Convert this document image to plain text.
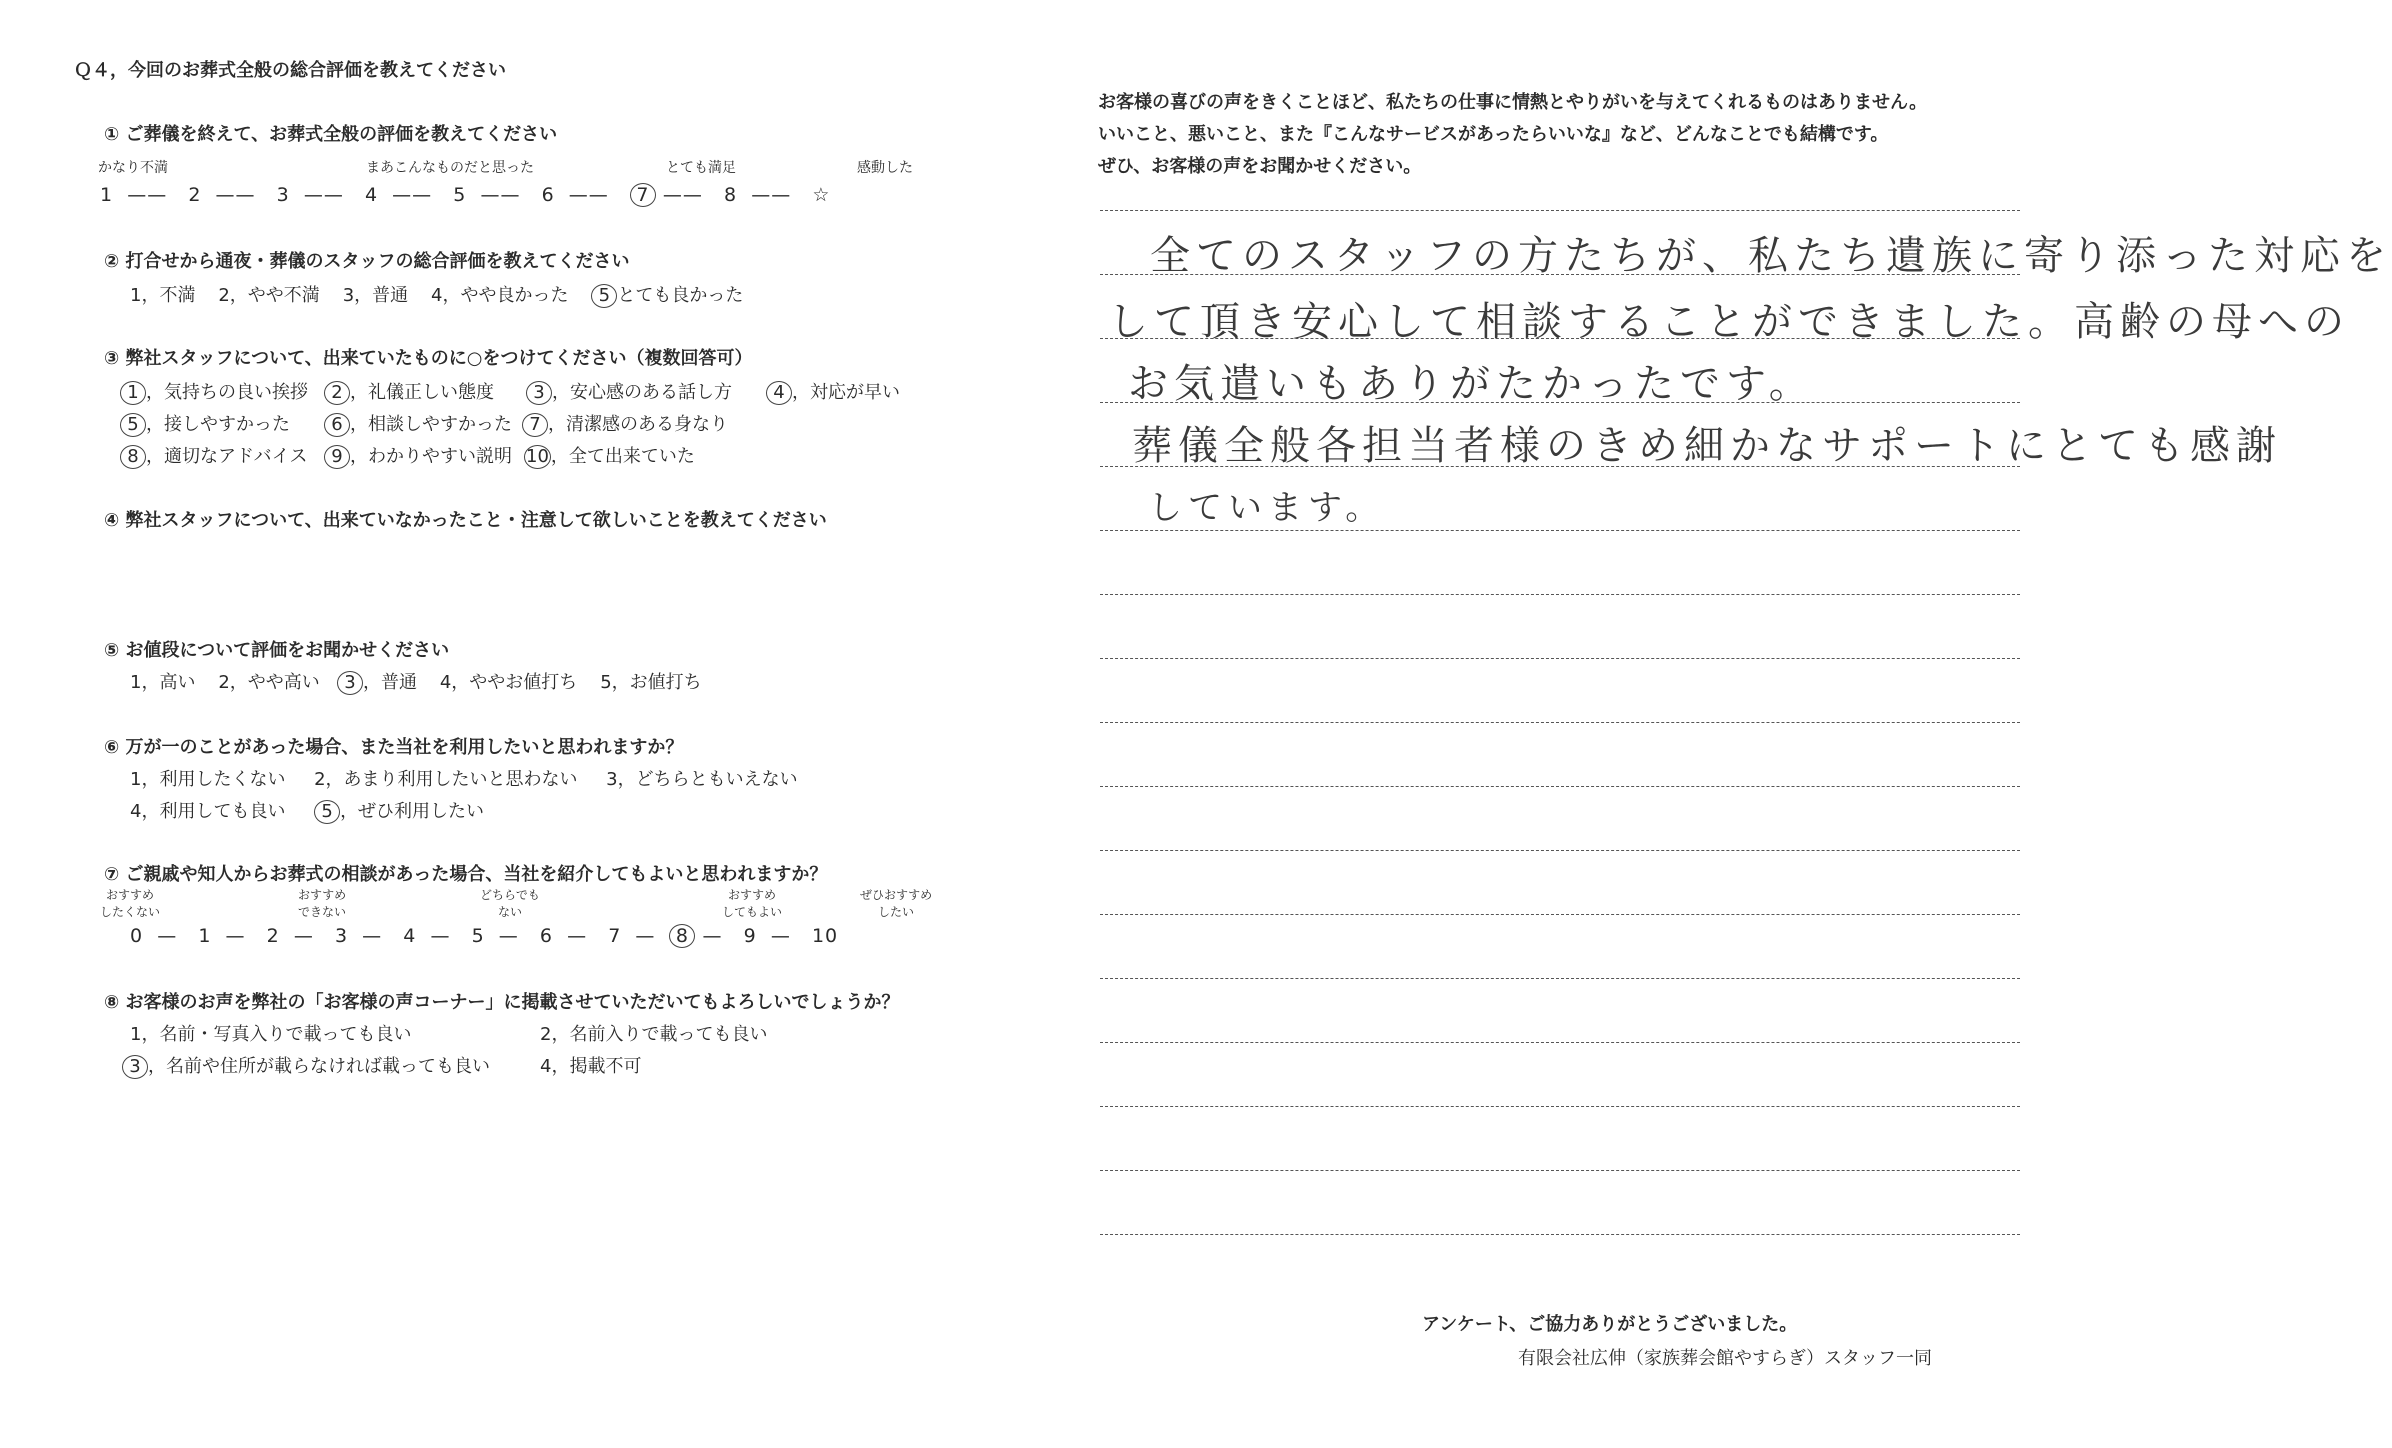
Ｑ４，今回のお葬式全般の総合評価を教えてください
① ご葬儀を終えて、お葬式全般の評価を教えてください
かなり不満	まあこんなものだと思った	とても満足	感動した
1 —— 2 —— 3 —— 4 —— 5 —— 6 —— 7 —— 8 —— ☆
② 打合せから通夜・葬儀のスタッフの総合評価を教えてください
1，不満 2，やや不満 3，普通 4，やや良かった 5 とても良かった
③ 弊社スタッフについて、出来ていたものに○をつけてください（複数回答可）
1 ，気持ちの良い挨拶	2 ，礼儀正しい態度	3 ，安心感のある話し方	4 ，対応が早い
5 ，接しやすかった	6 ，相談しやすかった 7 ，清潔感のある身なり
8 ，適切なアドバイス	9 ，わかりやすい説明 10 ，全て出来ていた
④ 弊社スタッフについて、出来ていなかったこと・注意して欲しいことを教えてください
⑤ お値段について評価をお聞かせください
1，高い 2，やや高い 3 ，普通 4，ややお値打ち 5，お値打ち
⑥ 万が一のことがあった場合、また当社を利用したいと思われますか？
1，利用したくない 2，あまり利用したいと思わない 3，どちらともいえない
4，利用しても良い 5 ，ぜひ利用したい
⑦ ご親戚や知人からお葬式の相談があった場合、当社を紹介してもよいと思われますか？
おすすめ
したくない
おすすめ
できない
どちらでも
ない
おすすめ
してもよい
ぜひおすすめ
したい
0 — 1 — 2 — 3 — 4 — 5 — 6 — 7 — 8 — 9 — 10
⑧ お客様のお声を弊社の「お客様の声コーナー」に掲載させていただいてもよろしいでしょうか？
1，名前・写真入りで載っても良い	2，名前入りで載っても良い
3 ，名前や住所が載らなければ載っても良い	4，掲載不可
お客様の喜びの声をきくことほど、私たちの仕事に情熱とやりがいを与えてくれるものはありません。
いいこと、悪いこと、また『こんなサービスがあったらいいな』など、どんなことでも結構です。
ぜひ、お客様の声をお聞かせください。
全てのスタッフの方たちが、私たち遺族に寄り添った対応を
して頂き安心して相談することができました。高齢の母への
お気遣いもありがたかったです。
葬儀全般各担当者様のきめ細かなサポートにとても感謝
しています。
アンケート、ご協力ありがとうございました。
有限会社広伸（家族葬会館やすらぎ）スタッフ一同
